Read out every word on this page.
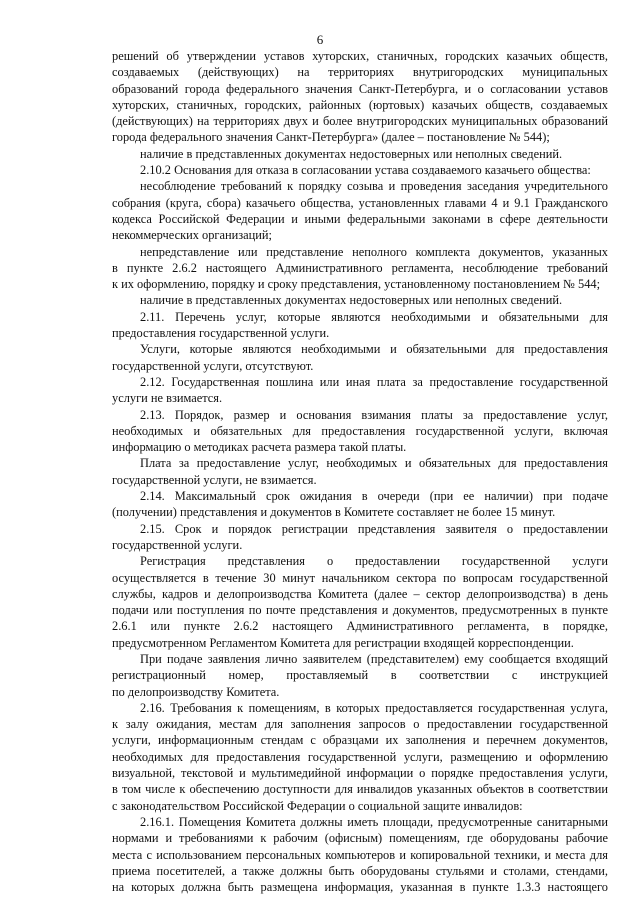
6
решений об утверждении уставов хуторских, станичных, городских казачьих обществ,
создаваемых (действующих) на территориях внутригородских муниципальных
образований города федерального значения Санкт-Петербурга, и о согласовании уставов
хуторских, станичных, городских, районных (юртовых) казачьих обществ, создаваемых
(действующих) на территориях двух и более внутригородских муниципальных образований
города федерального значения Санкт-Петербурга» (далее – постановление № 544);
наличие в представленных документах недостоверных или неполных сведений.
2.10.2 Основания для отказа в согласовании устава создаваемого казачьего общества:
несоблюдение требований к порядку созыва и проведения заседания учредительного
собрания (круга, сбора) казачьего общества, установленных главами 4 и 9.1 Гражданского
кодекса Российской Федерации и иными федеральными законами в сфере деятельности
некоммерческих организаций;
непредставление или представление неполного комплекта документов, указанных
в пункте 2.6.2 настоящего Административного регламента, несоблюдение требований
к их оформлению, порядку и сроку представления, установленному постановлением № 544;
наличие в представленных документах недостоверных или неполных сведений.
2.11. Перечень услуг, которые являются необходимыми и обязательными для
предоставления государственной услуги.
Услуги, которые являются необходимыми и обязательными для предоставления
государственной услуги, отсутствуют.
2.12. Государственная пошлина или иная плата за предоставление государственной
услуги не взимается.
2.13. Порядок, размер и основания взимания платы за предоставление услуг,
необходимых и обязательных для предоставления государственной услуги, включая
информацию о методиках расчета размера такой платы.
Плата за предоставление услуг, необходимых и обязательных для предоставления
государственной услуги, не взимается.
2.14. Максимальный срок ожидания в очереди (при ее наличии) при подаче
(получении) представления и документов в Комитете составляет не более 15 минут.
2.15. Срок и порядок регистрации представления заявителя о предоставлении
государственной услуги.
Регистрация представления о предоставлении государственной услуги
осуществляется в течение 30 минут начальником сектора по вопросам государственной
службы, кадров и делопроизводства Комитета (далее – сектор делопроизводства) в день
подачи или поступления по почте представления и документов, предусмотренных в пункте
2.6.1 или пункте 2.6.2 настоящего Административного регламента, в порядке,
предусмотренном Регламентом Комитета для регистрации входящей корреспонденции.
При подаче заявления лично заявителем (представителем) ему сообщается входящий
регистрационный номер, проставляемый в соответствии с инструкцией
по делопроизводству Комитета.
2.16. Требования к помещениям, в которых предоставляется государственная услуга,
к залу ожидания, местам для заполнения запросов о предоставлении государственной
услуги, информационным стендам с образцами их заполнения и перечнем документов,
необходимых для предоставления государственной услуги, размещению и оформлению
визуальной, текстовой и мультимедийной информации о порядке предоставления услуги,
в том числе к обеспечению доступности для инвалидов указанных объектов в соответствии
с законодательством Российской Федерации о социальной защите инвалидов:
2.16.1. Помещения Комитета должны иметь площади, предусмотренные санитарными
нормами и требованиями к рабочим (офисным) помещениям, где оборудованы рабочие
места с использованием персональных компьютеров и копировальной техники, и места для
приема посетителей, а также должны быть оборудованы стульями и столами, стендами,
на которых должна быть размещена информация, указанная в пункте 1.3.3 настоящего
